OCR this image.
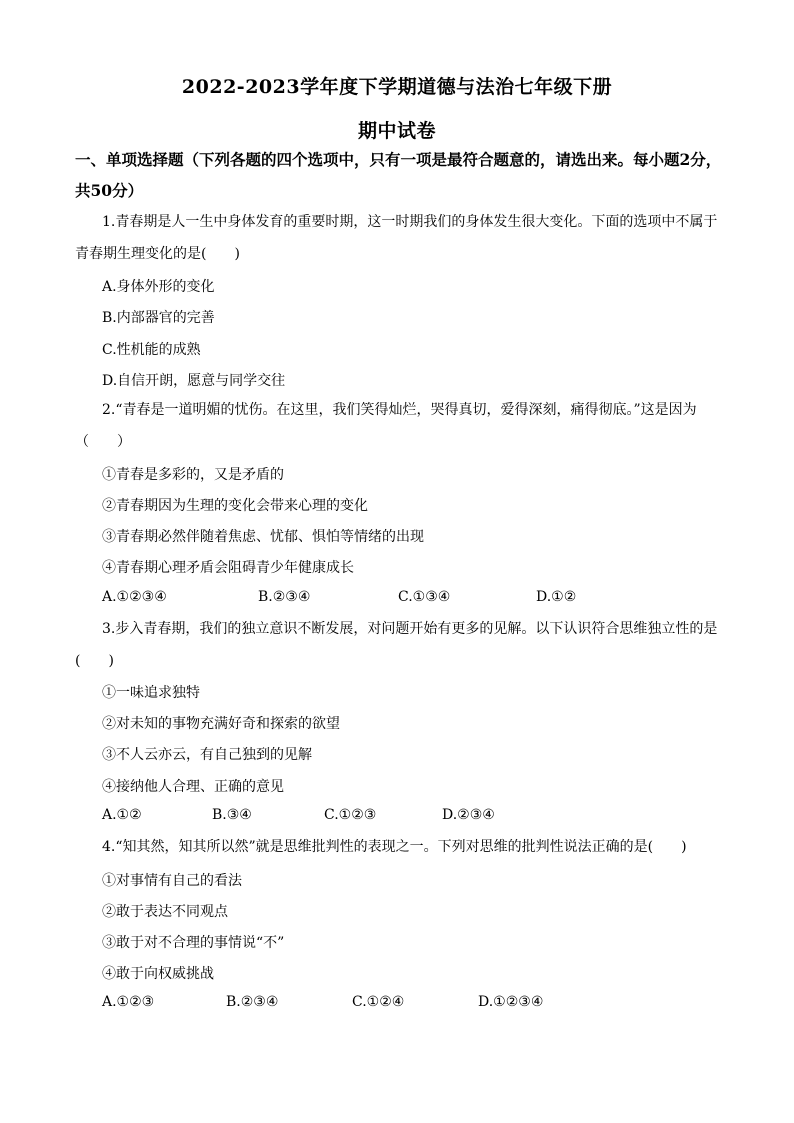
2022-2023学年度下学期道德与法治七年级下册
期中试卷
一、单项选择题（下列各题的四个选项中，只有一项是最符合题意的，请选出来。每小题2分，共50分）
1.青春期是人一生中身体发育的重要时期，这一时期我们的身体发生很大变化。下面的选项中不属于青春期生理变化的是(　　)
A.身体外形的变化
B.内部器官的完善
C.性机能的成熟
D.自信开朗，愿意与同学交往
2.“青春是一道明媚的忧伤。在这里，我们笑得灿烂，哭得真切，爱得深刻，痛得彻底。”这是因为（　　）
①青春是多彩的，又是矛盾的
②青春期因为生理的变化会带来心理的变化
③青春期必然伴随着焦虑、忧郁、惧怕等情绪的出现
④青春期心理矛盾会阻碍青少年健康成长
A.①②③④	B.②③④	C.①③④	D.①②
3.步入青春期，我们的独立意识不断发展，对问题开始有更多的见解。以下认识符合思维独立性的是(　　)
①一味追求独特
②对未知的事物充满好奇和探索的欲望
③不人云亦云，有自己独到的见解
④接纳他人合理、正确的意见
A.①②	B.③④	C.①②③	D.②③④
4.“知其然，知其所以然”就是思维批判性的表现之一。下列对思维的批判性说法正确的是(　　)
①对事情有自己的看法
②敢于表达不同观点
③敢于对不合理的事情说“不”
④敢于向权威挑战
A.①②③	B.②③④	C.①②④	D.①②③④
